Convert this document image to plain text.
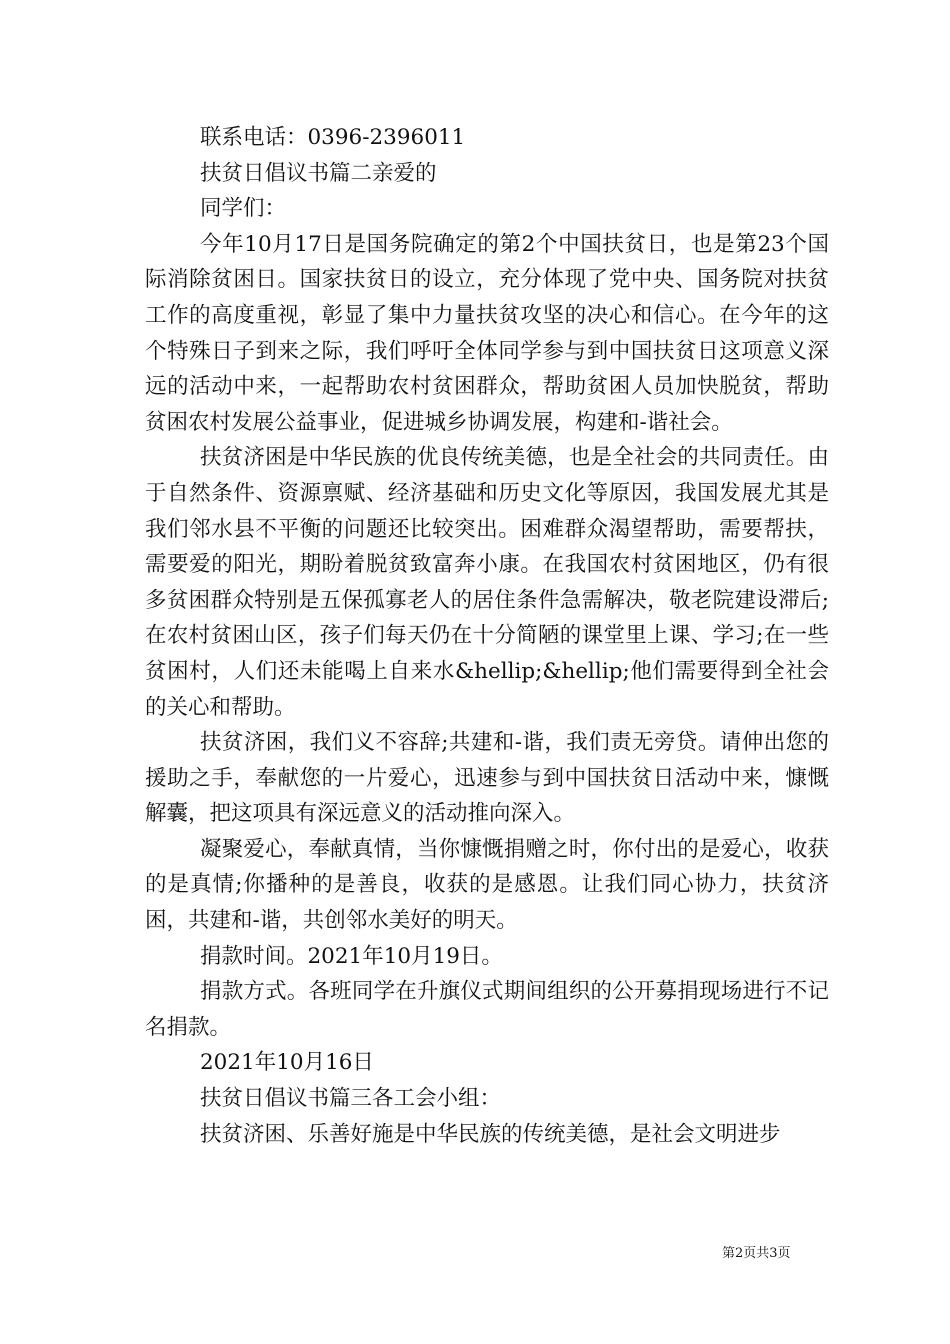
联系电话：0396-2396011

扶贫日倡议书篇二亲爱的

同学们：

今年10月17日是国务院确定的第2个中国扶贫日，也是第23个国际消除贫困日。国家扶贫日的设立，充分体现了党中央、国务院对扶贫工作的高度重视，彰显了集中力量扶贫攻坚的决心和信心。在今年的这个特殊日子到来之际，我们呼吁全体同学参与到中国扶贫日这项意义深远的活动中来，一起帮助农村贫困群众，帮助贫困人员加快脱贫，帮助贫困农村发展公益事业，促进城乡协调发展，构建和-谐社会。

扶贫济困是中华民族的优良传统美德，也是全社会的共同责任。由于自然条件、资源禀赋、经济基础和历史文化等原因，我国发展尤其是我们邻水县不平衡的问题还比较突出。困难群众渴望帮助，需要帮扶，需要爱的阳光，期盼着脱贫致富奔小康。在我国农村贫困地区，仍有很多贫困群众特别是五保孤寡老人的居住条件急需解决，敬老院建设滞后;在农村贫困山区，孩子们每天仍在十分简陋的课堂里上课、学习;在一些贫困村，人们还未能喝上自来水&hellip;&hellip;他们需要得到全社会的关心和帮助。

扶贫济困，我们义不容辞;共建和-谐，我们责无旁贷。请伸出您的援助之手，奉献您的一片爱心，迅速参与到中国扶贫日活动中来，慷慨解囊，把这项具有深远意义的活动推向深入。

凝聚爱心，奉献真情，当你慷慨捐赠之时，你付出的是爱心，收获的是真情;你播种的是善良，收获的是感恩。让我们同心协力，扶贫济困，共建和-谐，共创邻水美好的明天。

捐款时间。2021年10月19日。

捐款方式。各班同学在升旗仪式期间组织的公开募捐现场进行不记名捐款。

2021年10月16日

扶贫日倡议书篇三各工会小组：

扶贫济困、乐善好施是中华民族的传统美德，是社会文明进步

第2页共3页
